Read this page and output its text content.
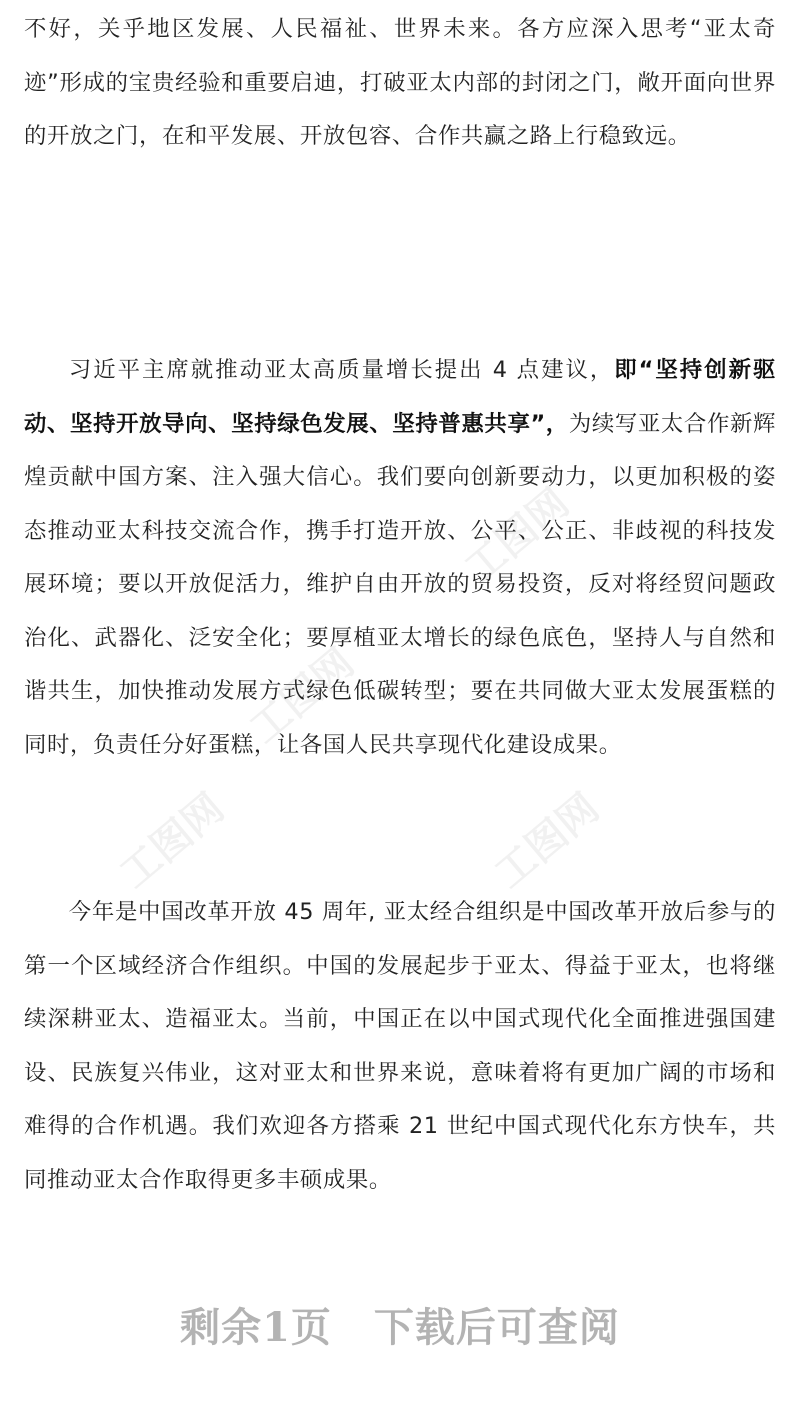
工图网
工图网
工图网	工图网

不好，关乎地区发展、人民福祉、世界未来。各方应深入思考“亚太奇迹”形成的宝贵经验和重要启迪，打破亚太内部的封闭之门，敞开面向世界的开放之门，在和平发展、开放包容、合作共赢之路上行稳致远。

习近平主席就推动亚太高质量增长提出 4 点建议，即“坚持创新驱动、坚持开放导向、坚持绿色发展、坚持普惠共享”，为续写亚太合作新辉煌贡献中国方案、注入强大信心。我们要向创新要动力，以更加积极的姿态推动亚太科技交流合作，携手打造开放、公平、公正、非歧视的科技发展环境；要以开放促活力，维护自由开放的贸易投资，反对将经贸问题政治化、武器化、泛安全化；要厚植亚太增长的绿色底色，坚持人与自然和谐共生，加快推动发展方式绿色低碳转型；要在共同做大亚太发展蛋糕的同时，负责任分好蛋糕，让各国人民共享现代化建设成果。

今年是中国改革开放 45 周年, 亚太经合组织是中国改革开放后参与的第一个区域经济合作组织。中国的发展起步于亚太、得益于亚太，也将继续深耕亚太、造福亚太。当前，中国正在以中国式现代化全面推进强国建设、民族复兴伟业，这对亚太和世界来说，意味着将有更加广阔的市场和难得的合作机遇。我们欢迎各方搭乘 21 世纪中国式现代化东方快车，共同推动亚太合作取得更多丰硕成果。

剩余1页 下载后可查阅
